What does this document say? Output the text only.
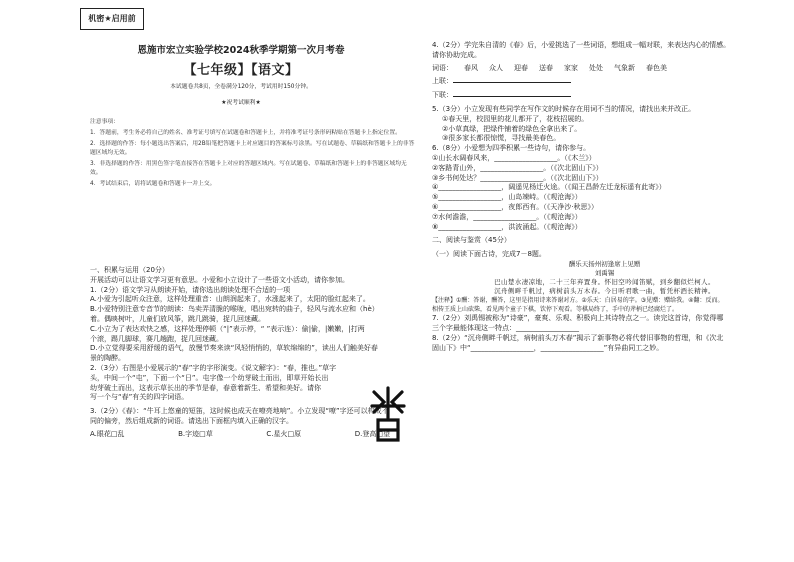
机密★启用前
恩施市宏立实验学校2024秋季学期第一次月考卷
【七年级】【语文】
本试题卷共8页，全卷满分120分，考试用时150分钟。
★祝考试顺利★

注意事项：

1．答题前，考生务必将自己的姓名、准考证号填写在试题卷和答题卡上，并将准考证号条形码粘贴在答题卡上指定位置。

2．选择题的作答：每小题选出答案后，用2B铅笔把答题卡上对应题目的答案标号涂黑。写在试题卷、草稿纸和答题卡上的非答题区域均无效。

3．非选择题的作答：用黑色签字笔直接答在答题卡上对应的答题区域内。写在试题卷、草稿纸和答题卡上的非答题区域均无效。

4．考试结束后，请将试题卷和答题卡一并上交。

一、积累与运用（20分）

开展活动可以让语文学习更有意思。小爱和小立设计了一些语文小活动，请你参加。

1.（2分）语文学习从朗读开始，请你选出朗读处理不合适的一项

A.小爱为引起听众注意，这样处理重音：山朗润起来了，水涨起来了，太阳的脸红起来了。

B.小爱特别注意专音节的朗读：鸟卖弄清脆的喉咙，唱出宛转的曲子，轻风与流水应和（hè）

着。偶映树叶，儿童们放风筝，跳几跳骑，捉几回迷藏。

C.小立为了表达欢快之感，这样处理停顿（“|”表示停，“ ”表示连）：偷|偷，|嫩嫩，|打两

个滚，踢几脚球，赛几趟跑，捉几回迷藏。

D.小立觉得要采用舒缓的语气，放慢节奏来读“风轻悄悄的，草软绵绵的”，读出人们触美好春

景的陶醉。

2.（3分）右图是小爱展示的“春”字的字形演变。《说文解字》：“春，推也。”草字

头，中间一个“屯”，下面一个“日”。屯字像一个幼芽破土而出，即草开始长出

幼芽破土而出，这表示草长出的季节是春，春意着新生、希望和美好。请你

写一个与“春”有关的四字词语。

3.（2分）《春》：“牛耳上悠童的短笛，这时候也成天在嘹亮地响”。小立发现“嘹”字还可以构成不

同的偏旁，然后组成新的词语。请选出下面框内填入正确的汉字。

A.眼花□乱	B.字迹□草	C.星火□原	D.登高□望

4.（2分）学完朱自清的《春》后，小爱挑选了一些词语，想组成一幅对联，来表达内心的情感。

请你协助完成。

词语： 春风 众人 迎春 送春 家家 处处 气象新 春色美

上联：

下联：

5.（3分）小立发现有些同学在写作文的时候存在用词不当的情况，请找出来并改正。

①春天里，校园里的花儿都开了，花枝招展的。

②小草真绿，把绿件铺着的绿色全拿出来了。

③很多家长都很惊慌，寻找最美春色。

6.（8分）小爱想为四季积累一些诗句，请你参与。

①山长水阔春风来，__________________。（《木兰》）

②客路青山外，__________________。（《次北固山下》）

③乡书何处达？__________________。（《次北固山下》）

④__________________，阔遥见杨迁火途。（《闻王昌龄左迁龙标遥有此寄》）

⑤__________________，山岛竦峙。（《观沧海》）

⑥__________________，夜郎西有。（《天净沙·秋思》）

⑦水何澹澹，__________________。（《观沧海》）

⑧__________________，洪波涌起。（《观沧海》）

二、阅读与鉴赏（45分）

（一）阅读下面古诗，完成7－8题。

酬乐天扬州初逢席上见赠

刘禹锡

巴山楚水凄凉地，二十三年弃置身。怀旧空吟闻笛赋，到乡翻似烂柯人。

沉舟侧畔千帆过，病树前头万木春。今日听君歌一曲，暂凭杯酒长精神。

【注释】①酬：答谢，酬答，这里是指用诗来答谢对方。②乐天：白居易的字。③见赠：赠给我。④翻：反而。

相传王质上山砍柴，看见两个童子下棋，饮停下观看。等棋局终了，手中的斧柄已经腐烂了。

7.（2分）刘禹锡被称为“诗豪”，豪爽、乐观、积极向上其诗特点之一。读完这首诗，你觉得哪

三个字最能体现这一特点：__________________

8.（2分）“沉舟侧畔千帆过，病树前头万木春”揭示了新事物必将代替旧事物的哲理，和《次北

固山下》中“__________________，__________________”有异曲同工之妙。
